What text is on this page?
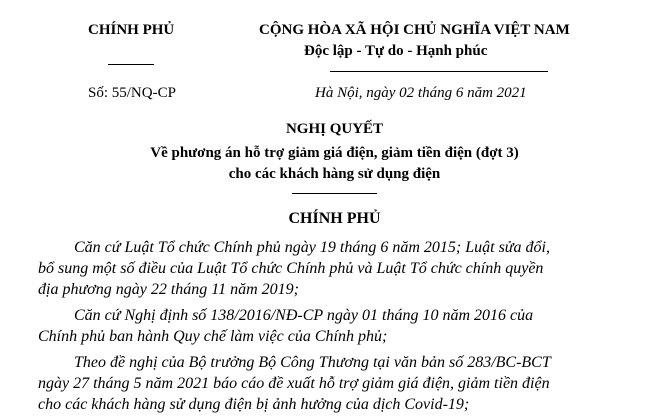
CHÍNH PHỦ
Số: 55/NQ-CP
CỘNG HÒA XÃ HỘI CHỦ NGHĨA VIỆT NAM
Độc lập - Tự do - Hạnh phúc
Hà Nội, ngày 02 tháng 6 năm 2021
NGHỊ QUYẾT
Về phương án hỗ trợ giảm giá điện, giảm tiền điện (đợt 3)
cho các khách hàng sử dụng điện
CHÍNH PHỦ
Căn cứ Luật Tổ chức Chính phủ ngày 19 tháng 6 năm 2015; Luật sửa đổi,
bổ sung một số điều của Luật Tổ chức Chính phủ và Luật Tổ chức chính quyền
địa phương ngày 22 tháng 11 năm 2019;
Căn cứ Nghị định số 138/2016/NĐ-CP ngày 01 tháng 10 năm 2016 của
Chính phủ ban hành Quy chế làm việc của Chính phủ;
Theo đề nghị của Bộ trưởng Bộ Công Thương tại văn bản số 283/BC-BCT
ngày 27 tháng 5 năm 2021 báo cáo đề xuất hỗ trợ giảm giá điện, giảm tiền điện
cho các khách hàng sử dụng điện bị ảnh hưởng của dịch Covid-19;
